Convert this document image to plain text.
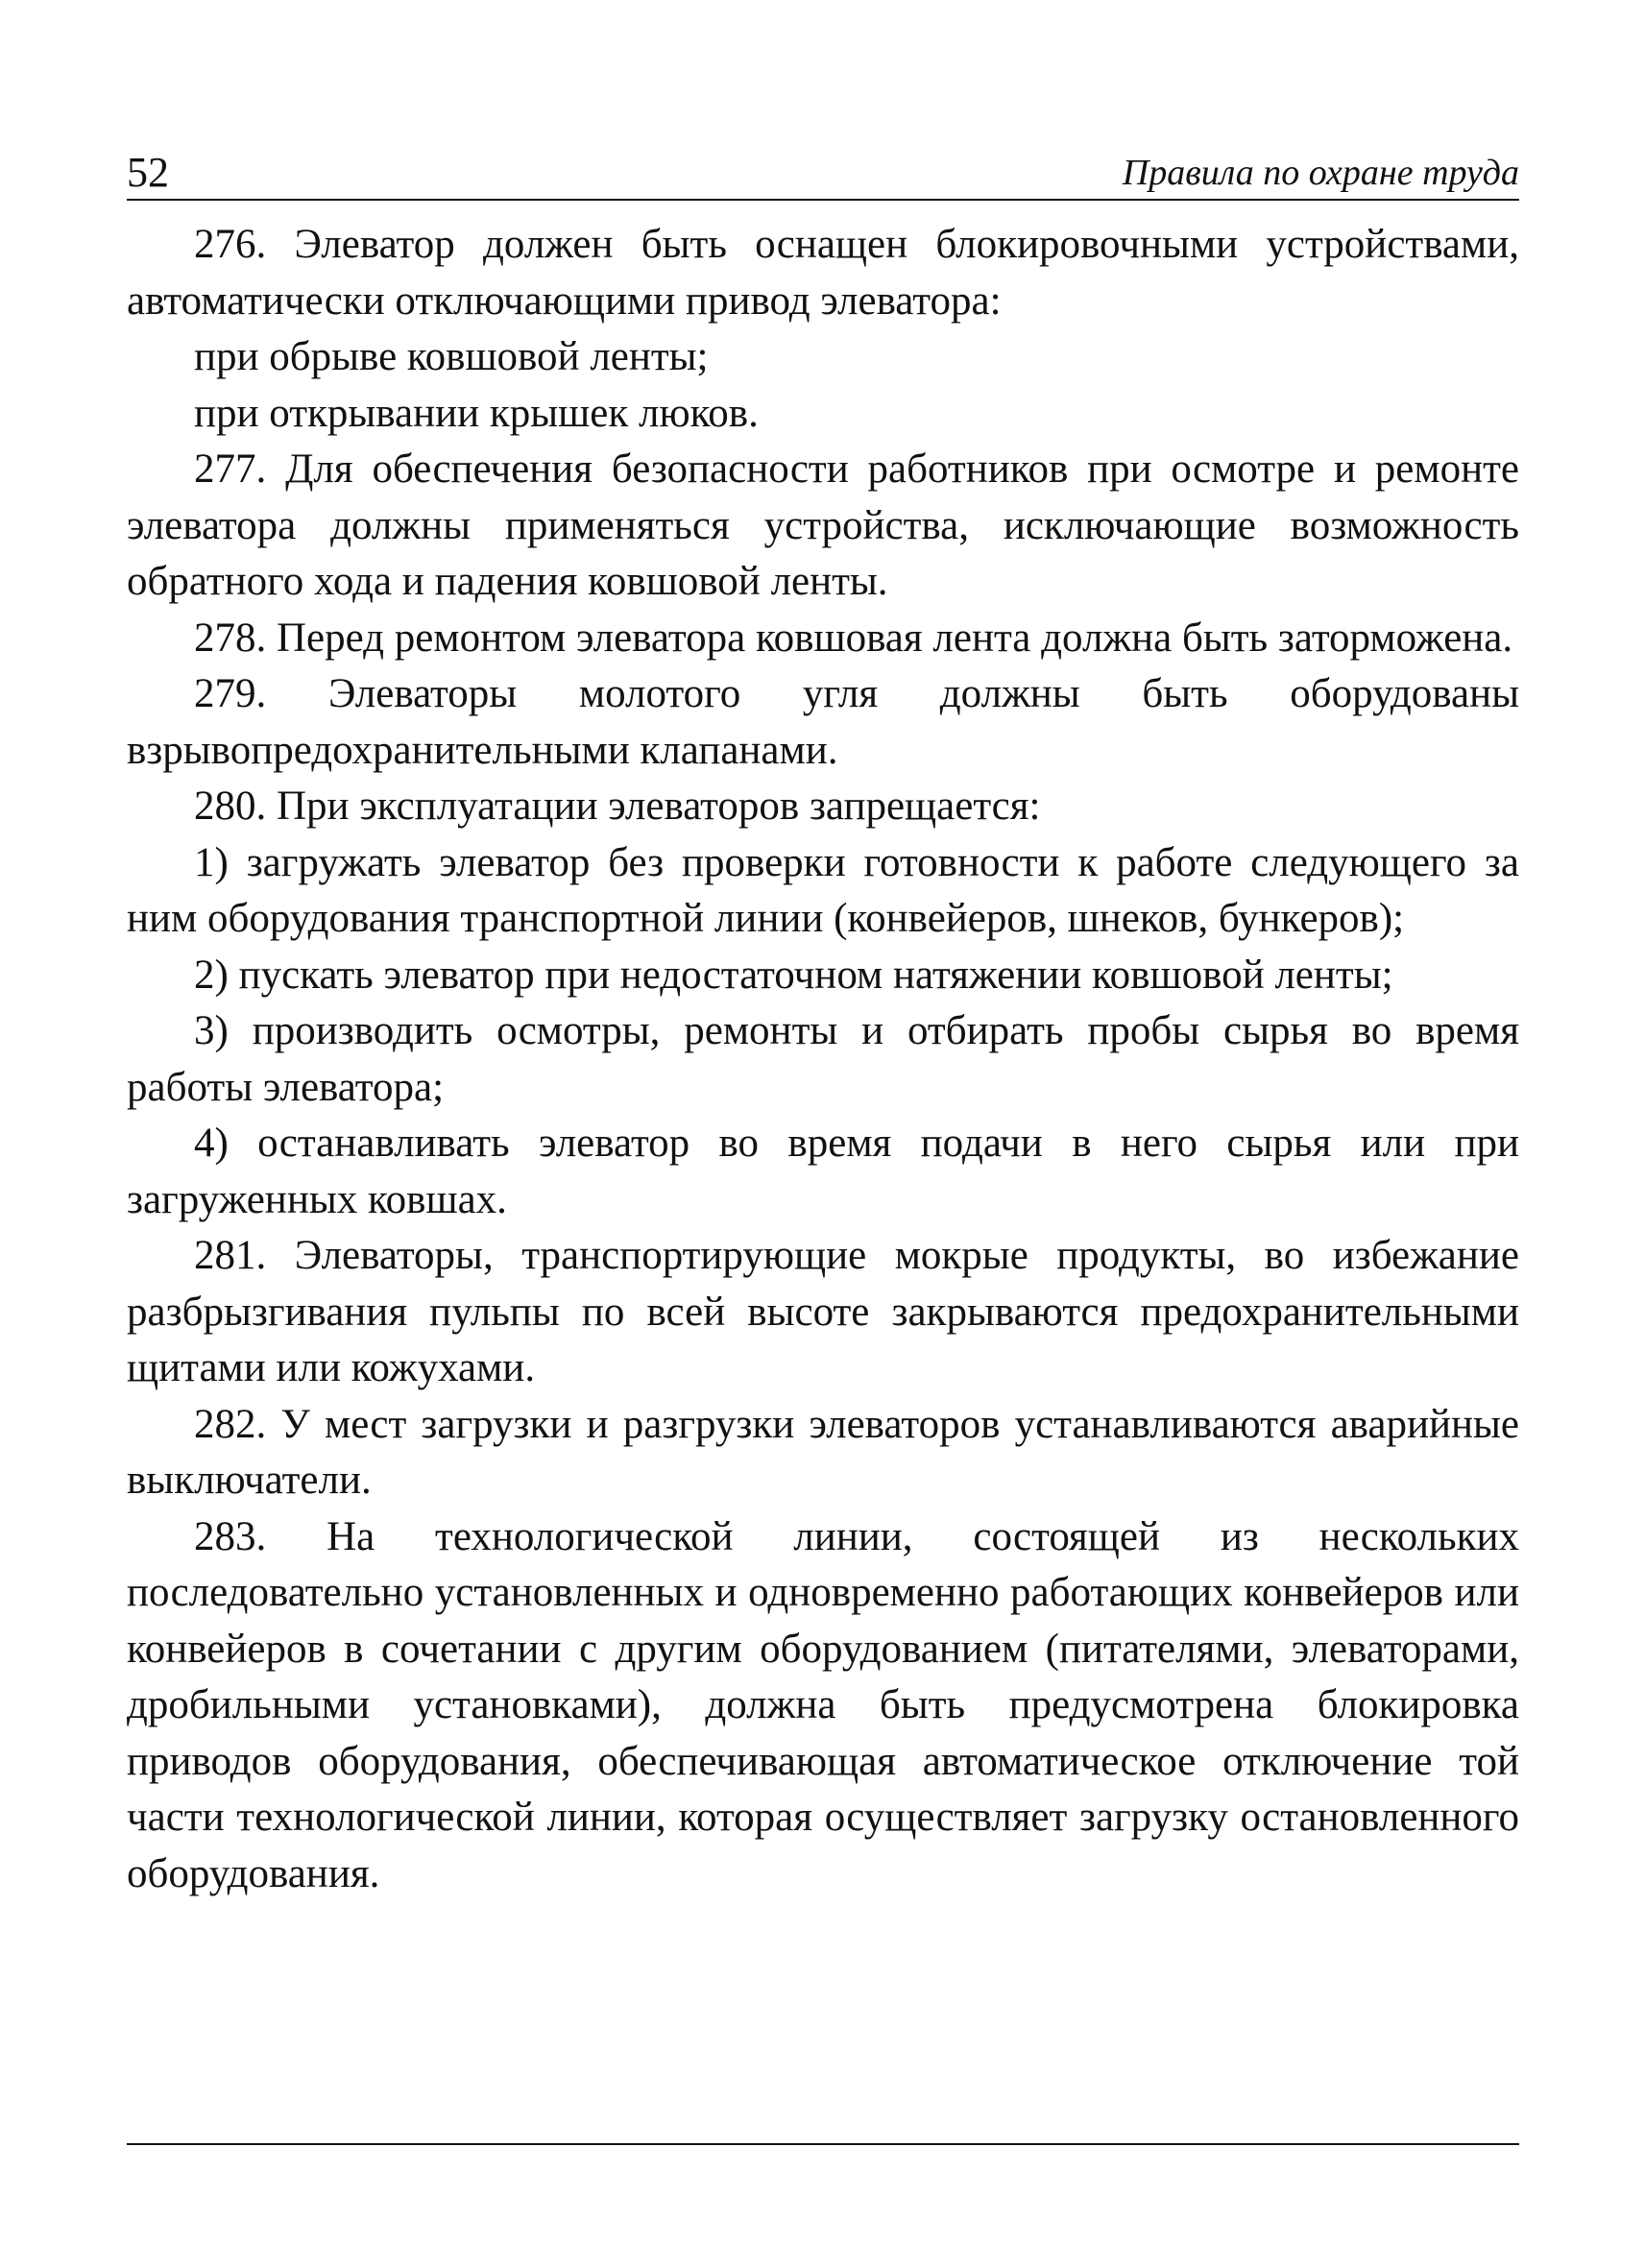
52	Правила по охране труда

276. Элеватор должен быть оснащен блокировочными устройствами, автоматически отключающими привод элеватора:

при обрыве ковшовой ленты;

при открывании крышек люков.

277. Для обеспечения безопасности работников при осмотре и ремонте элеватора должны применяться устройства, исключающие возможность обратного хода и падения ковшовой ленты.

278. Перед ремонтом элеватора ковшовая лента должна быть заторможена.

279. Элеваторы молотого угля должны быть оборудованы взрывопредохранительными клапанами.

280. При эксплуатации элеваторов запрещается:

1) загружать элеватор без проверки готовности к работе следующего за ним оборудования транспортной линии (конвейеров, шнеков, бункеров);

2) пускать элеватор при недостаточном натяжении ковшовой ленты;

3) производить осмотры, ремонты и отбирать пробы сырья во время работы элеватора;

4) останавливать элеватор во время подачи в него сырья или при загруженных ковшах.

281. Элеваторы, транспортирующие мокрые продукты, во избежание разбрызгивания пульпы по всей высоте закрываются предохранительными щитами или кожухами.

282. У мест загрузки и разгрузки элеваторов устанавливаются аварийные выключатели.

283. На технологической линии, состоящей из нескольких последовательно установленных и одновременно работающих конвейеров или конвейеров в сочетании с другим оборудованием (питателями, элеваторами, дробильными установками), должна быть предусмотрена блокировка приводов оборудования, обеспечивающая автоматическое отключение той части технологической линии, которая осуществляет загрузку остановленного оборудования.
